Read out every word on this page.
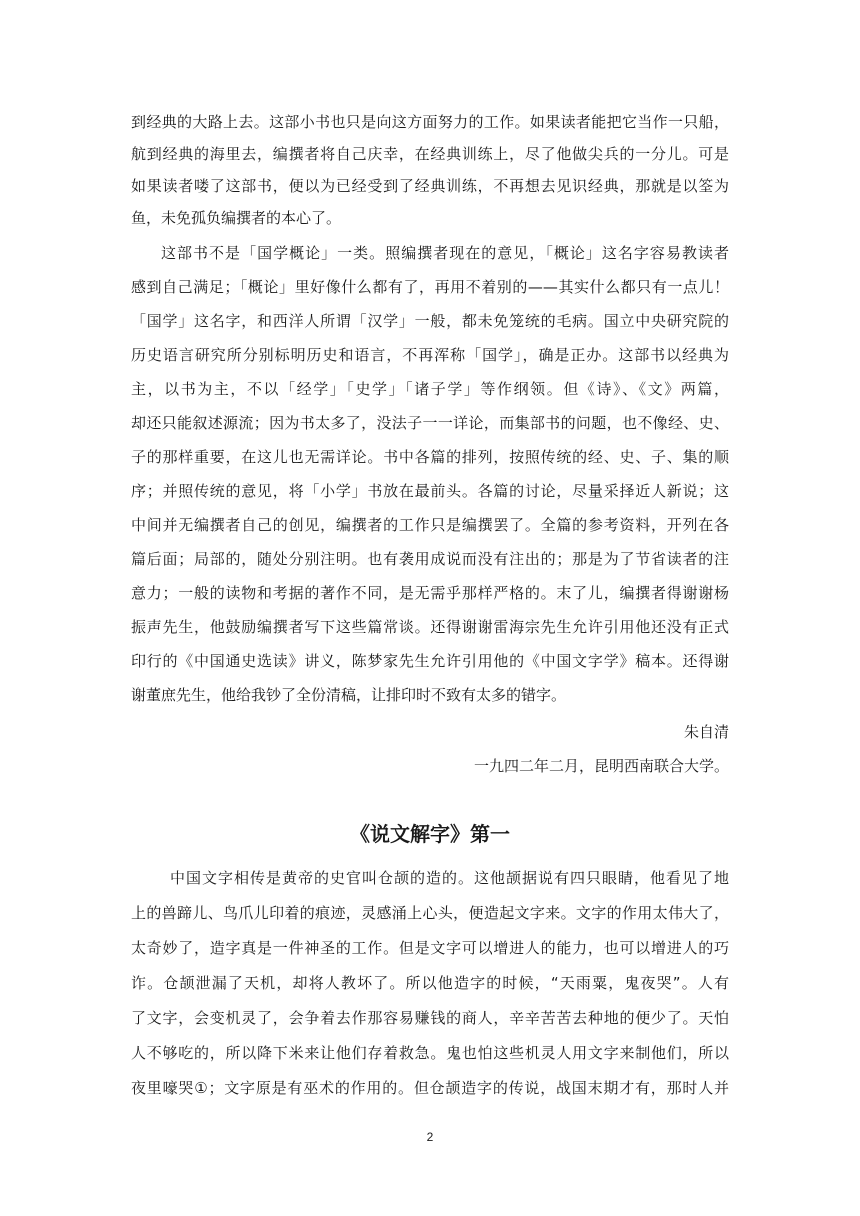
到经典的大路上去。这部小书也只是向这方面努力的工作。如果读者能把它当作一只船，
航到经典的海里去，编撰者将自己庆幸，在经典训练上，尽了他做尖兵的一分儿。可是
如果读者喽了这部书，便以为已经受到了经典训练，不再想去见识经典，那就是以筌为
鱼，未免孤负编撰者的本心了。
这部书不是「国学概论」一类。照编撰者现在的意见，「概论」这名字容易教读者
感到自己满足；「概论」里好像什么都有了，再用不着别的——其实什么都只有一点儿！
「国学」这名字，和西洋人所谓「汉学」一般，都未免笼统的毛病。国立中央研究院的
历史语言研究所分别标明历史和语言，不再浑称「国学」，确是正办。这部书以经典为
主，以书为主，不以「经学」「史学」「诸子学」等作纲领。但《诗》、《文》两篇，
却还只能叙述源流；因为书太多了，没法子一一详论，而集部书的问题，也不像经、史、
子的那样重要，在这儿也无需详论。书中各篇的排列，按照传统的经、史、子、集的顺
序；并照传统的意见，将「小学」书放在最前头。各篇的讨论，尽量采择近人新说；这
中间并无编撰者自己的创见，编撰者的工作只是编撰罢了。全篇的参考资料，开列在各
篇后面；局部的，随处分别注明。也有袭用成说而没有注出的；那是为了节省读者的注
意力；一般的读物和考据的著作不同，是无需乎那样严格的。末了儿，编撰者得谢谢杨
振声先生，他鼓励编撰者写下这些篇常谈。还得谢谢雷海宗先生允许引用他还没有正式
印行的《中国通史选读》讲义，陈梦家先生允许引用他的《中国文字学》稿本。还得谢
谢董庶先生，他给我钞了全份清稿，让排印时不致有太多的错字。
朱自清
一九四二年二月，昆明西南联合大学。
《说文解字》第一
中国文字相传是黄帝的史官叫仓颉的造的。这他颉据说有四只眼睛，他看见了地
上的兽蹄儿、鸟爪儿印着的痕迹，灵感涌上心头，便造起文字来。文字的作用太伟大了，
太奇妙了，造字真是一件神圣的工作。但是文字可以增进人的能力，也可以增进人的巧
诈。仓颉泄漏了天机，却将人教坏了。所以他造字的时候，“天雨粟，鬼夜哭”。人有
了文字，会变机灵了，会争着去作那容易赚钱的商人，辛辛苦苦去种地的便少了。天怕
人不够吃的，所以降下米来让他们存着救急。鬼也怕这些机灵人用文字来制他们，所以
夜里嚎哭①；文字原是有巫术的作用的。但仓颉造字的传说，战国末期才有，那时人并
2
